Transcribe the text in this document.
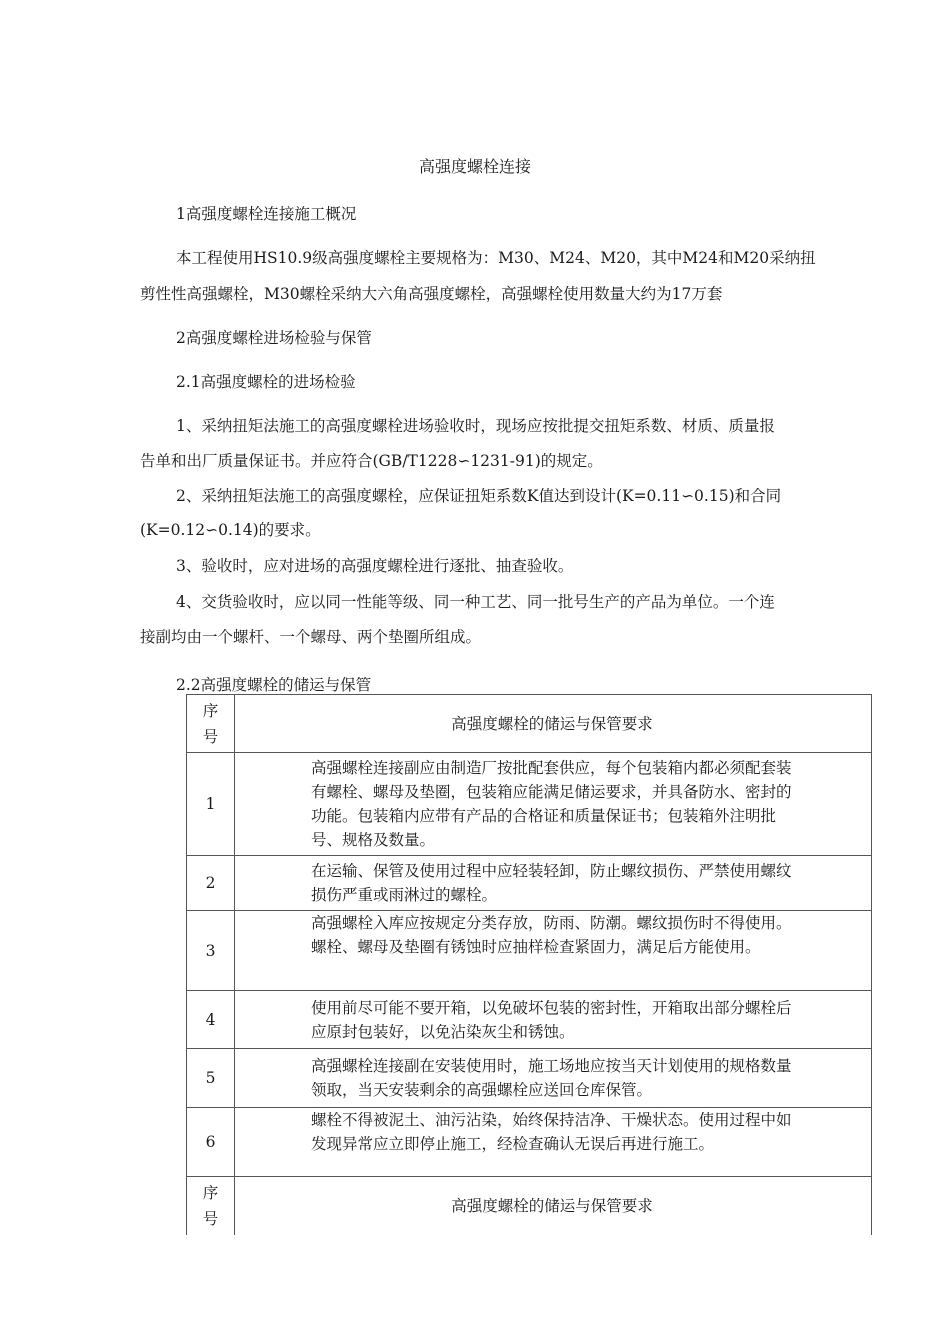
高强度螺栓连接
1高强度螺栓连接施工概况
本工程使用HS10.9级高强度螺栓主要规格为：M30、M24、M20，其中M24和M20采纳扭
剪性性高强螺栓，M30螺栓采纳大六角高强度螺栓，高强螺栓使用数量大约为17万套
2高强度螺栓进场检验与保管
2.1高强度螺栓的进场检验
1、采纳扭矩法施工的高强度螺栓进场验收时，现场应按批提交扭矩系数、材质、质量报
告单和出厂质量保证书。并应符合(GB/T1228∽1231-91)的规定。
2、采纳扭矩法施工的高强度螺栓，应保证扭矩系数K值达到设计(K=0.11∽0.15)和合同
(K=0.12∽0.14)的要求。
3、验收时，应对进场的高强度螺栓进行逐批、抽查验收。
4、交货验收时，应以同一性能等级、同一种工艺、同一批号生产的产品为单位。一个连
接副均由一个螺杆、一个螺母、两个垫圈所组成。
2.2高强度螺栓的储运与保管
序
号	高强度螺栓的储运与保管要求
1	高强螺栓连接副应由制造厂按批配套供应，每个包装箱内都必须配套装
有螺栓、螺母及垫圈，包装箱应能满足储运要求，并具备防水、密封的
功能。包装箱内应带有产品的合格证和质量保证书；包装箱外注明批
号、规格及数量。

2	在运输、保管及使用过程中应轻装轻卸，防止螺纹损伤、严禁使用螺纹
损伤严重或雨淋过的螺栓。

3	高强螺栓入库应按规定分类存放，防雨、防潮。螺纹损伤时不得使用。
螺栓、螺母及垫圈有锈蚀时应抽样检查紧固力，满足后方能使用。

4	使用前尽可能不要开箱，以免破坏包装的密封性，开箱取出部分螺栓后
应原封包装好，以免沾染灰尘和锈蚀。

5	高强螺栓连接副在安装使用时，施工场地应按当天计划使用的规格数量
领取，当天安装剩余的高强螺栓应送回仓库保管。

6	螺栓不得被泥土、油污沾染，始终保持洁净、干燥状态。使用过程中如
发现异常应立即停止施工，经检查确认无误后再进行施工。

序
号	高强度螺栓的储运与保管要求
